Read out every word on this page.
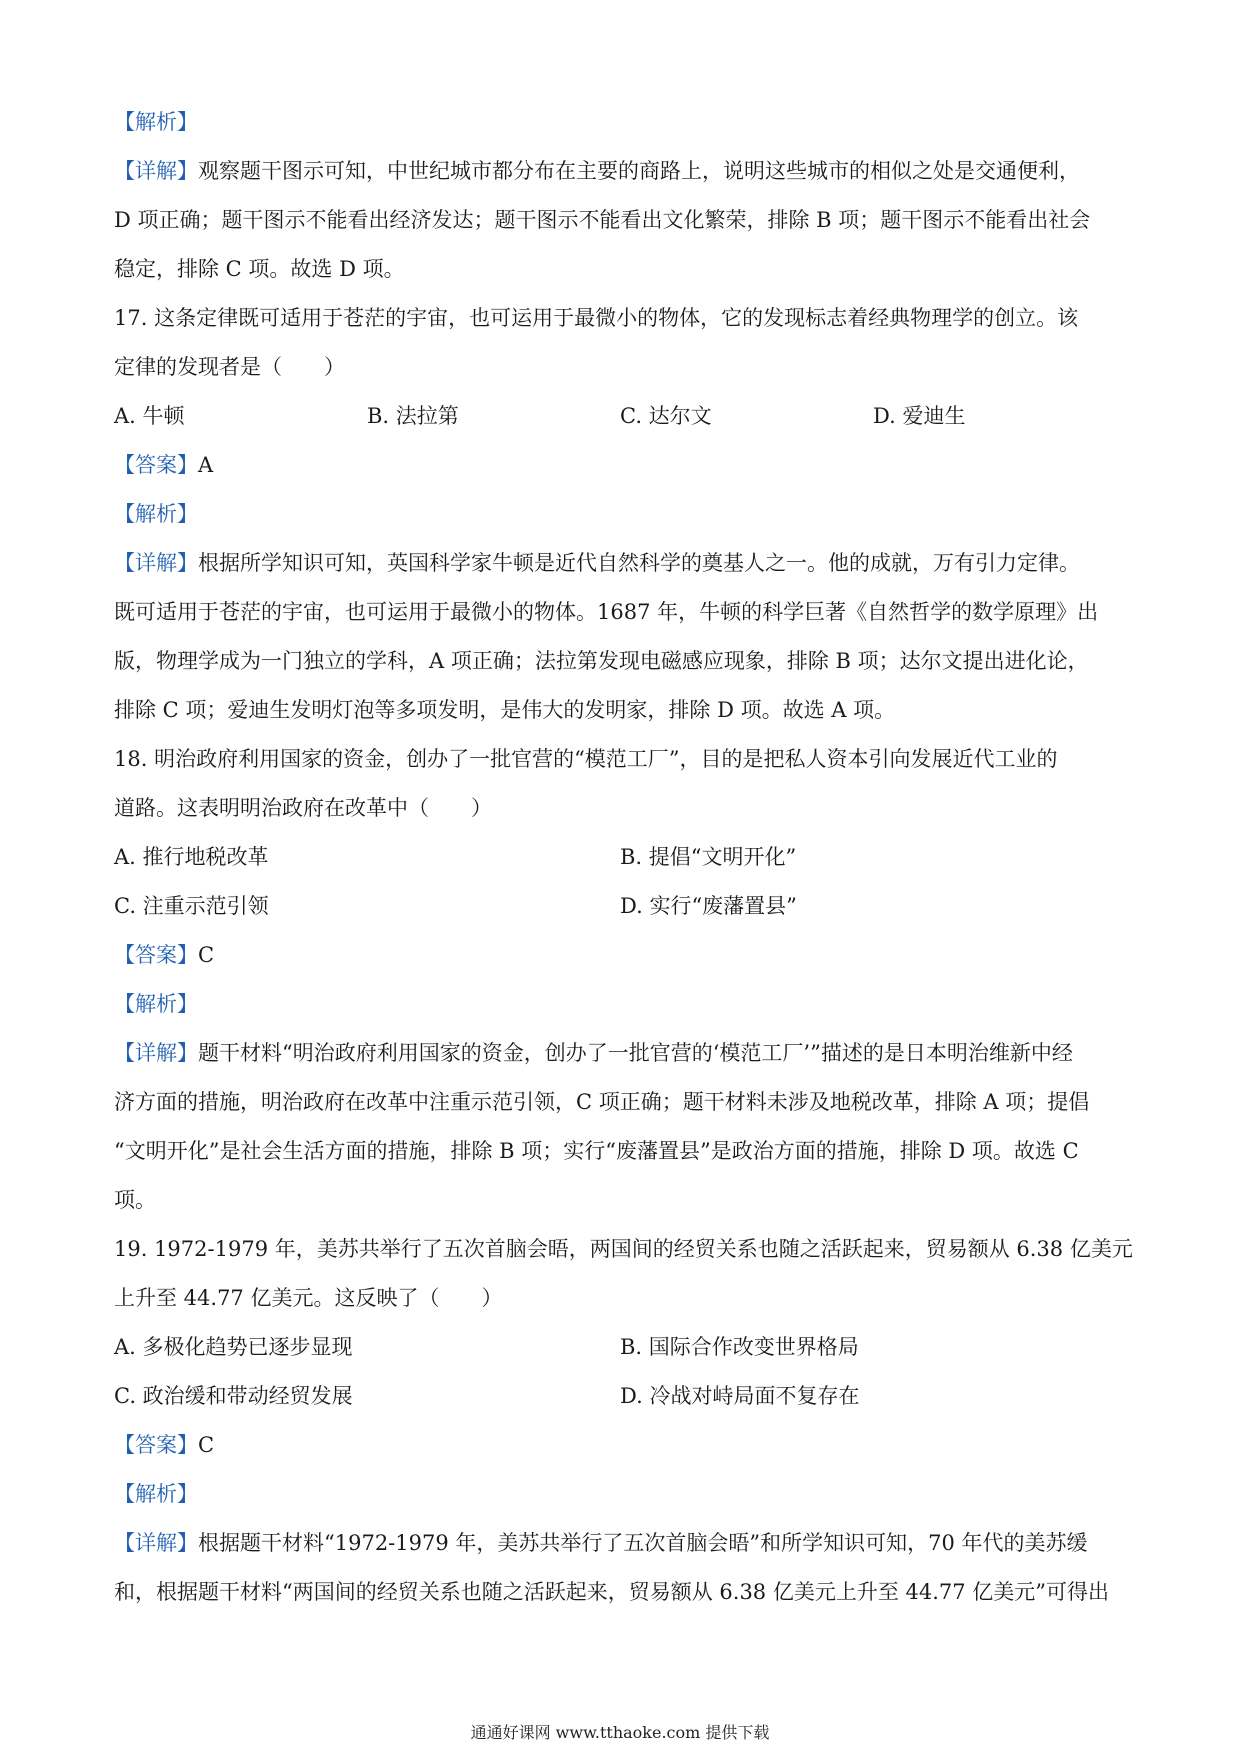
【解析】
【详解】观察题干图示可知，中世纪城市都分布在主要的商路上，说明这些城市的相似之处是交通便利，
D 项正确；题干图示不能看出经济发达；题干图示不能看出文化繁荣，排除 B 项；题干图示不能看出社会
稳定，排除 C 项。故选 D 项。
17. 这条定律既可适用于苍茫的宇宙，也可运用于最微小的物体，它的发现标志着经典物理学的创立。该
定律的发现者是（　　）
A. 牛顿	B. 法拉第	C. 达尔文	D. 爱迪生
【答案】A
【解析】
【详解】根据所学知识可知，英国科学家牛顿是近代自然科学的奠基人之一。他的成就，万有引力定律。
既可适用于苍茫的宇宙，也可运用于最微小的物体。1687 年，牛顿的科学巨著《自然哲学的数学原理》出
版，物理学成为一门独立的学科，A 项正确；法拉第发现电磁感应现象，排除 B 项；达尔文提出进化论，
排除 C 项；爱迪生发明灯泡等多项发明，是伟大的发明家，排除 D 项。故选 A 项。
18. 明治政府利用国家的资金，创办了一批官营的“模范工厂”，目的是把私人资本引向发展近代工业的
道路。这表明明治政府在改革中（　　）
A. 推行地税改革	B. 提倡“文明开化”
C. 注重示范引领	D. 实行“废藩置县”
【答案】C
【解析】
【详解】题干材料“明治政府利用国家的资金，创办了一批官营的‘模范工厂’”描述的是日本明治维新中经
济方面的措施，明治政府在改革中注重示范引领，C 项正确；题干材料未涉及地税改革，排除 A 项；提倡
“文明开化”是社会生活方面的措施，排除 B 项；实行“废藩置县”是政治方面的措施，排除 D 项。故选 C
项。
19. 1972-1979 年，美苏共举行了五次首脑会晤，两国间的经贸关系也随之活跃起来，贸易额从 6.38 亿美元
上升至 44.77 亿美元。这反映了（　　）
A. 多极化趋势已逐步显现	B. 国际合作改变世界格局
C. 政治缓和带动经贸发展	D. 冷战对峙局面不复存在
【答案】C
【解析】
【详解】根据题干材料“1972-1979 年，美苏共举行了五次首脑会晤”和所学知识可知，70 年代的美苏缓
和，根据题干材料“两国间的经贸关系也随之活跃起来，贸易额从 6.38 亿美元上升至 44.77 亿美元”可得出
通通好课网 www.tthaoke.com 提供下载
